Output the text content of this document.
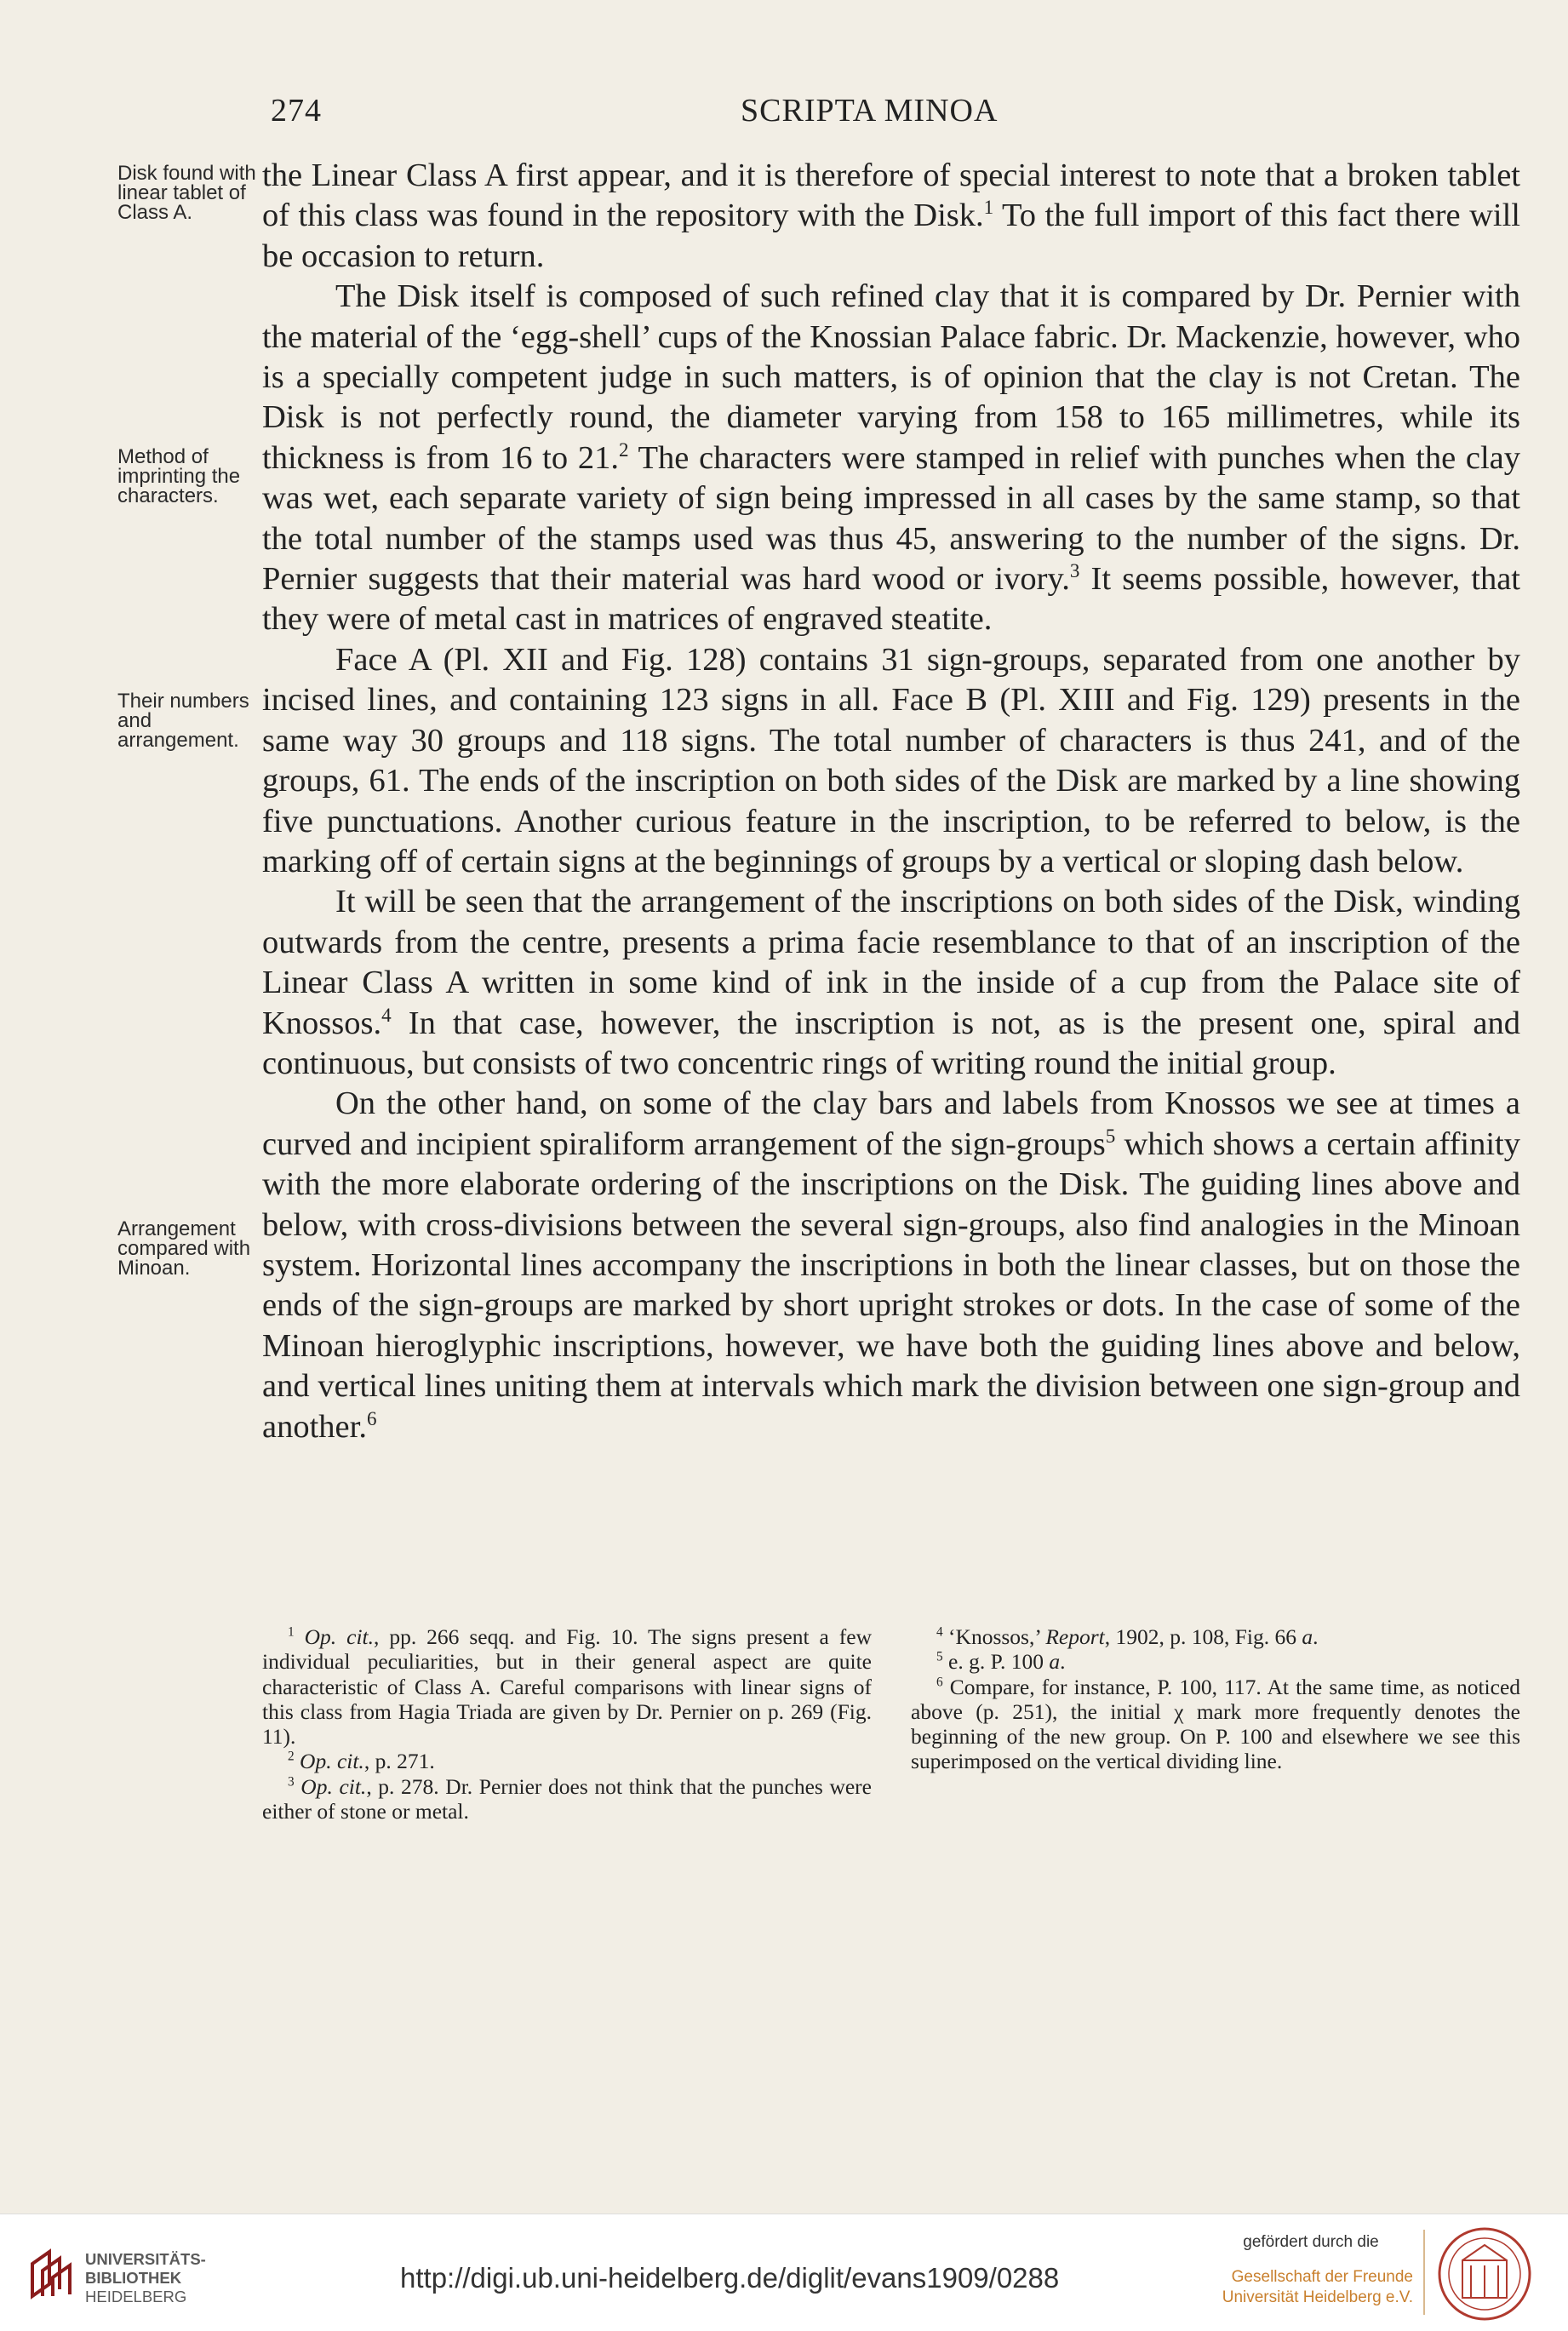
274	SCRIPTA MINOA
Disk found with linear tablet of Class A.
Method of imprinting the characters.
Their numbers and arrangement.
Arrangement compared with Minoan.

the Linear Class A first appear, and it is therefore of special interest to note that a broken tablet of this class was found in the repository with the Disk.$^1$ To the full import of this fact there will be occasion to return.

The Disk itself is composed of such refined clay that it is compared by Dr. Pernier with the material of the ‘egg-shell’ cups of the Knossian Palace fabric. Dr. Mackenzie, however, who is a specially competent judge in such matters, is of opinion that the clay is not Cretan. The Disk is not perfectly round, the diameter varying from 158 to 165 millimetres, while its thickness is from 16 to 21.$^2$ The characters were stamped in relief with punches when the clay was wet, each separate variety of sign being impressed in all cases by the same stamp, so that the total number of the stamps used was thus 45, answering to the number of the signs. Dr. Pernier suggests that their material was hard wood or ivory.$^3$ It seems possible, however, that they were of metal cast in matrices of engraved steatite.

Face A (Pl. XII and Fig. 128) contains 31 sign-groups, separated from one another by incised lines, and containing 123 signs in all. Face B (Pl. XIII and Fig. 129) presents in the same way 30 groups and 118 signs. The total number of characters is thus 241, and of the groups, 61. The ends of the inscription on both sides of the Disk are marked by a line showing five punctuations. Another curious feature in the inscription, to be referred to below, is the marking off of certain signs at the beginnings of groups by a vertical or sloping dash below.

It will be seen that the arrangement of the inscriptions on both sides of the Disk, winding outwards from the centre, presents a prima facie resemblance to that of an inscription of the Linear Class A written in some kind of ink in the inside of a cup from the Palace site of Knossos.$^4$ In that case, however, the inscription is not, as is the present one, spiral and continuous, but consists of two concentric rings of writing round the initial group.

On the other hand, on some of the clay bars and labels from Knossos we see at times a curved and incipient spiraliform arrangement of the sign-groups$^5$ which shows a certain affinity with the more elaborate ordering of the inscriptions on the Disk. The guiding lines above and below, with cross-divisions between the several sign-groups, also find analogies in the Minoan system. Horizontal lines accompany the inscriptions in both the linear classes, but on those the ends of the sign-groups are marked by short upright strokes or dots. In the case of some of the Minoan hieroglyphic inscriptions, however, we have both the guiding lines above and below, and vertical lines uniting them at intervals which mark the division between one sign-group and another.$^6$

$^1$ Op. cit., pp. 266 seqq. and Fig. 10. The signs present a few individual peculiarities, but in their general aspect are quite characteristic of Class A. Careful comparisons with linear signs of this class from Hagia Triada are given by Dr. Pernier on p. 269 (Fig. 11).

$^2$ Op. cit., p. 271.

$^3$ Op. cit., p. 278. Dr. Pernier does not think that the punches were either of stone or metal.

$^4$ ‘Knossos,’ Report, 1902, p. 108, Fig. 66 a.

$^5$ e. g. P. 100 a.

$^6$ Compare, for instance, P. 100, 117. At the same time, as noticed above (p. 251), the initial χ mark more frequently denotes the beginning of the new group. On P. 100 and elsewhere we see this superimposed on the vertical dividing line.

UNIVERSITÄTS-
BIBLIOTHEK
HEIDELBERG
http://digi.ub.uni-heidelberg.de/diglit/evans1909/0288
gefördert durch die
Gesellschaft der Freunde
Universität Heidelberg e.V.
